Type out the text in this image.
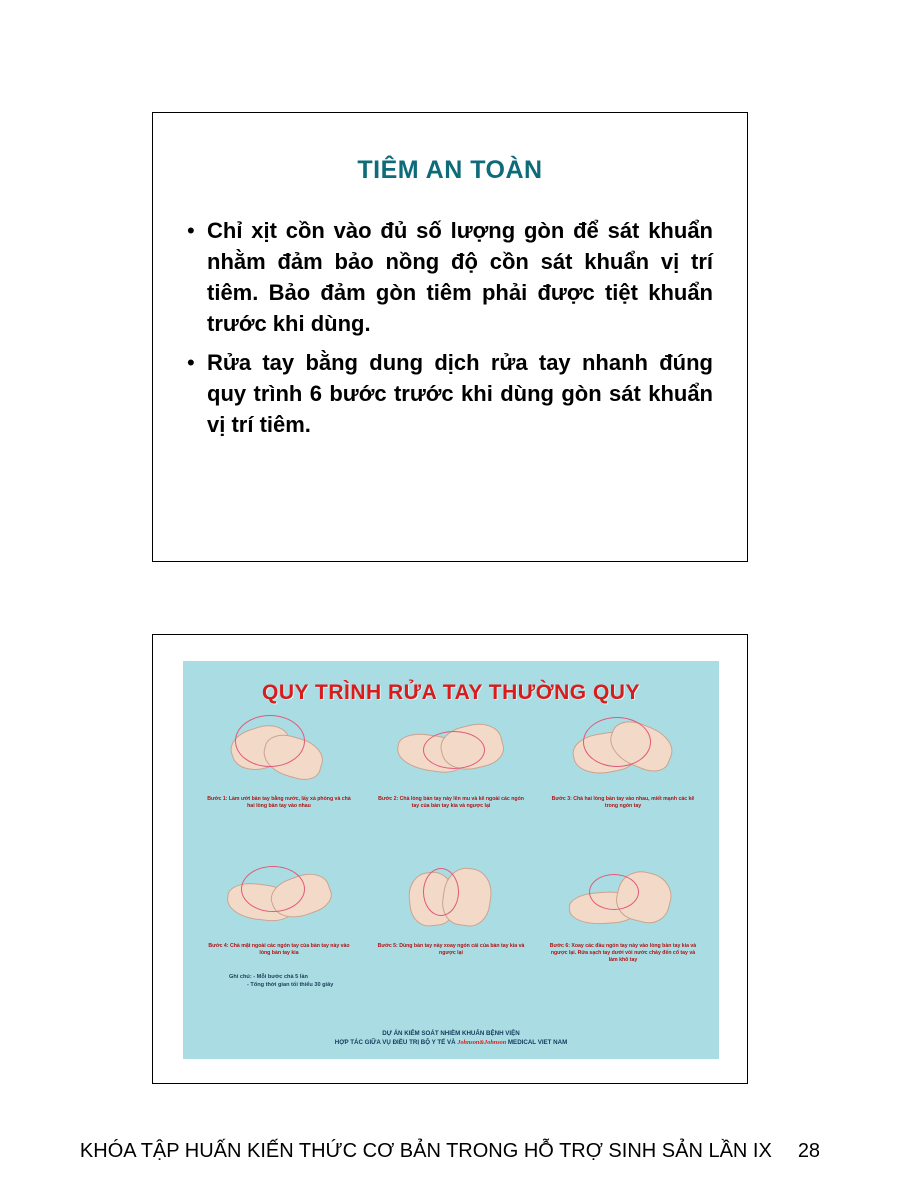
TIÊM AN TOÀN
• Chỉ xịt cồn vào đủ số lượng gòn để sát khuẩn nhằm đảm bảo nồng độ cồn sát khuẩn vị trí tiêm. Bảo đảm gòn tiêm phải được tiệt khuẩn trước khi dùng.
• Rửa tay bằng dung dịch rửa tay nhanh đúng quy trình 6 bước trước khi dùng gòn sát khuẩn vị trí tiêm.
QUY TRÌNH RỬA TAY THƯỜNG QUY
Bước 1: Làm ướt bàn tay bằng nước, lấy xà phòng và chà hai lòng bàn tay vào nhau
Bước 2: Chà lòng bàn tay này lên mu và kẽ ngoài các ngón tay của bàn tay kia và ngược lại
Bước 3: Chà hai lòng bàn tay vào nhau, miết mạnh các kẽ trong ngón tay
Bước 4: Chà mặt ngoài các ngón tay của bàn tay này vào lòng bàn tay kia
Bước 5: Dùng bàn tay này xoay ngón cái của bàn tay kia và ngược lại
Bước 6: Xoay các đầu ngón tay này vào lòng bàn tay kia và ngược lại. Rửa sạch tay dưới vòi nước chảy đến cổ tay và làm khô tay
Ghi chú: - Mỗi bước chà 5 lần
- Tổng thời gian tối thiểu 30 giây
DỰ ÁN KIỂM SOÁT NHIỄM KHUẨN BỆNH VIỆN
HỢP TÁC GIỮA VỤ ĐIỀU TRỊ BỘ Y TẾ VÀ Johnson&Johnson MEDICAL VIET NAM
KHÓA TẬP HUẤN KIẾN THỨC CƠ BẢN TRONG HỖ TRỢ SINH SẢN LẦN IX 28
